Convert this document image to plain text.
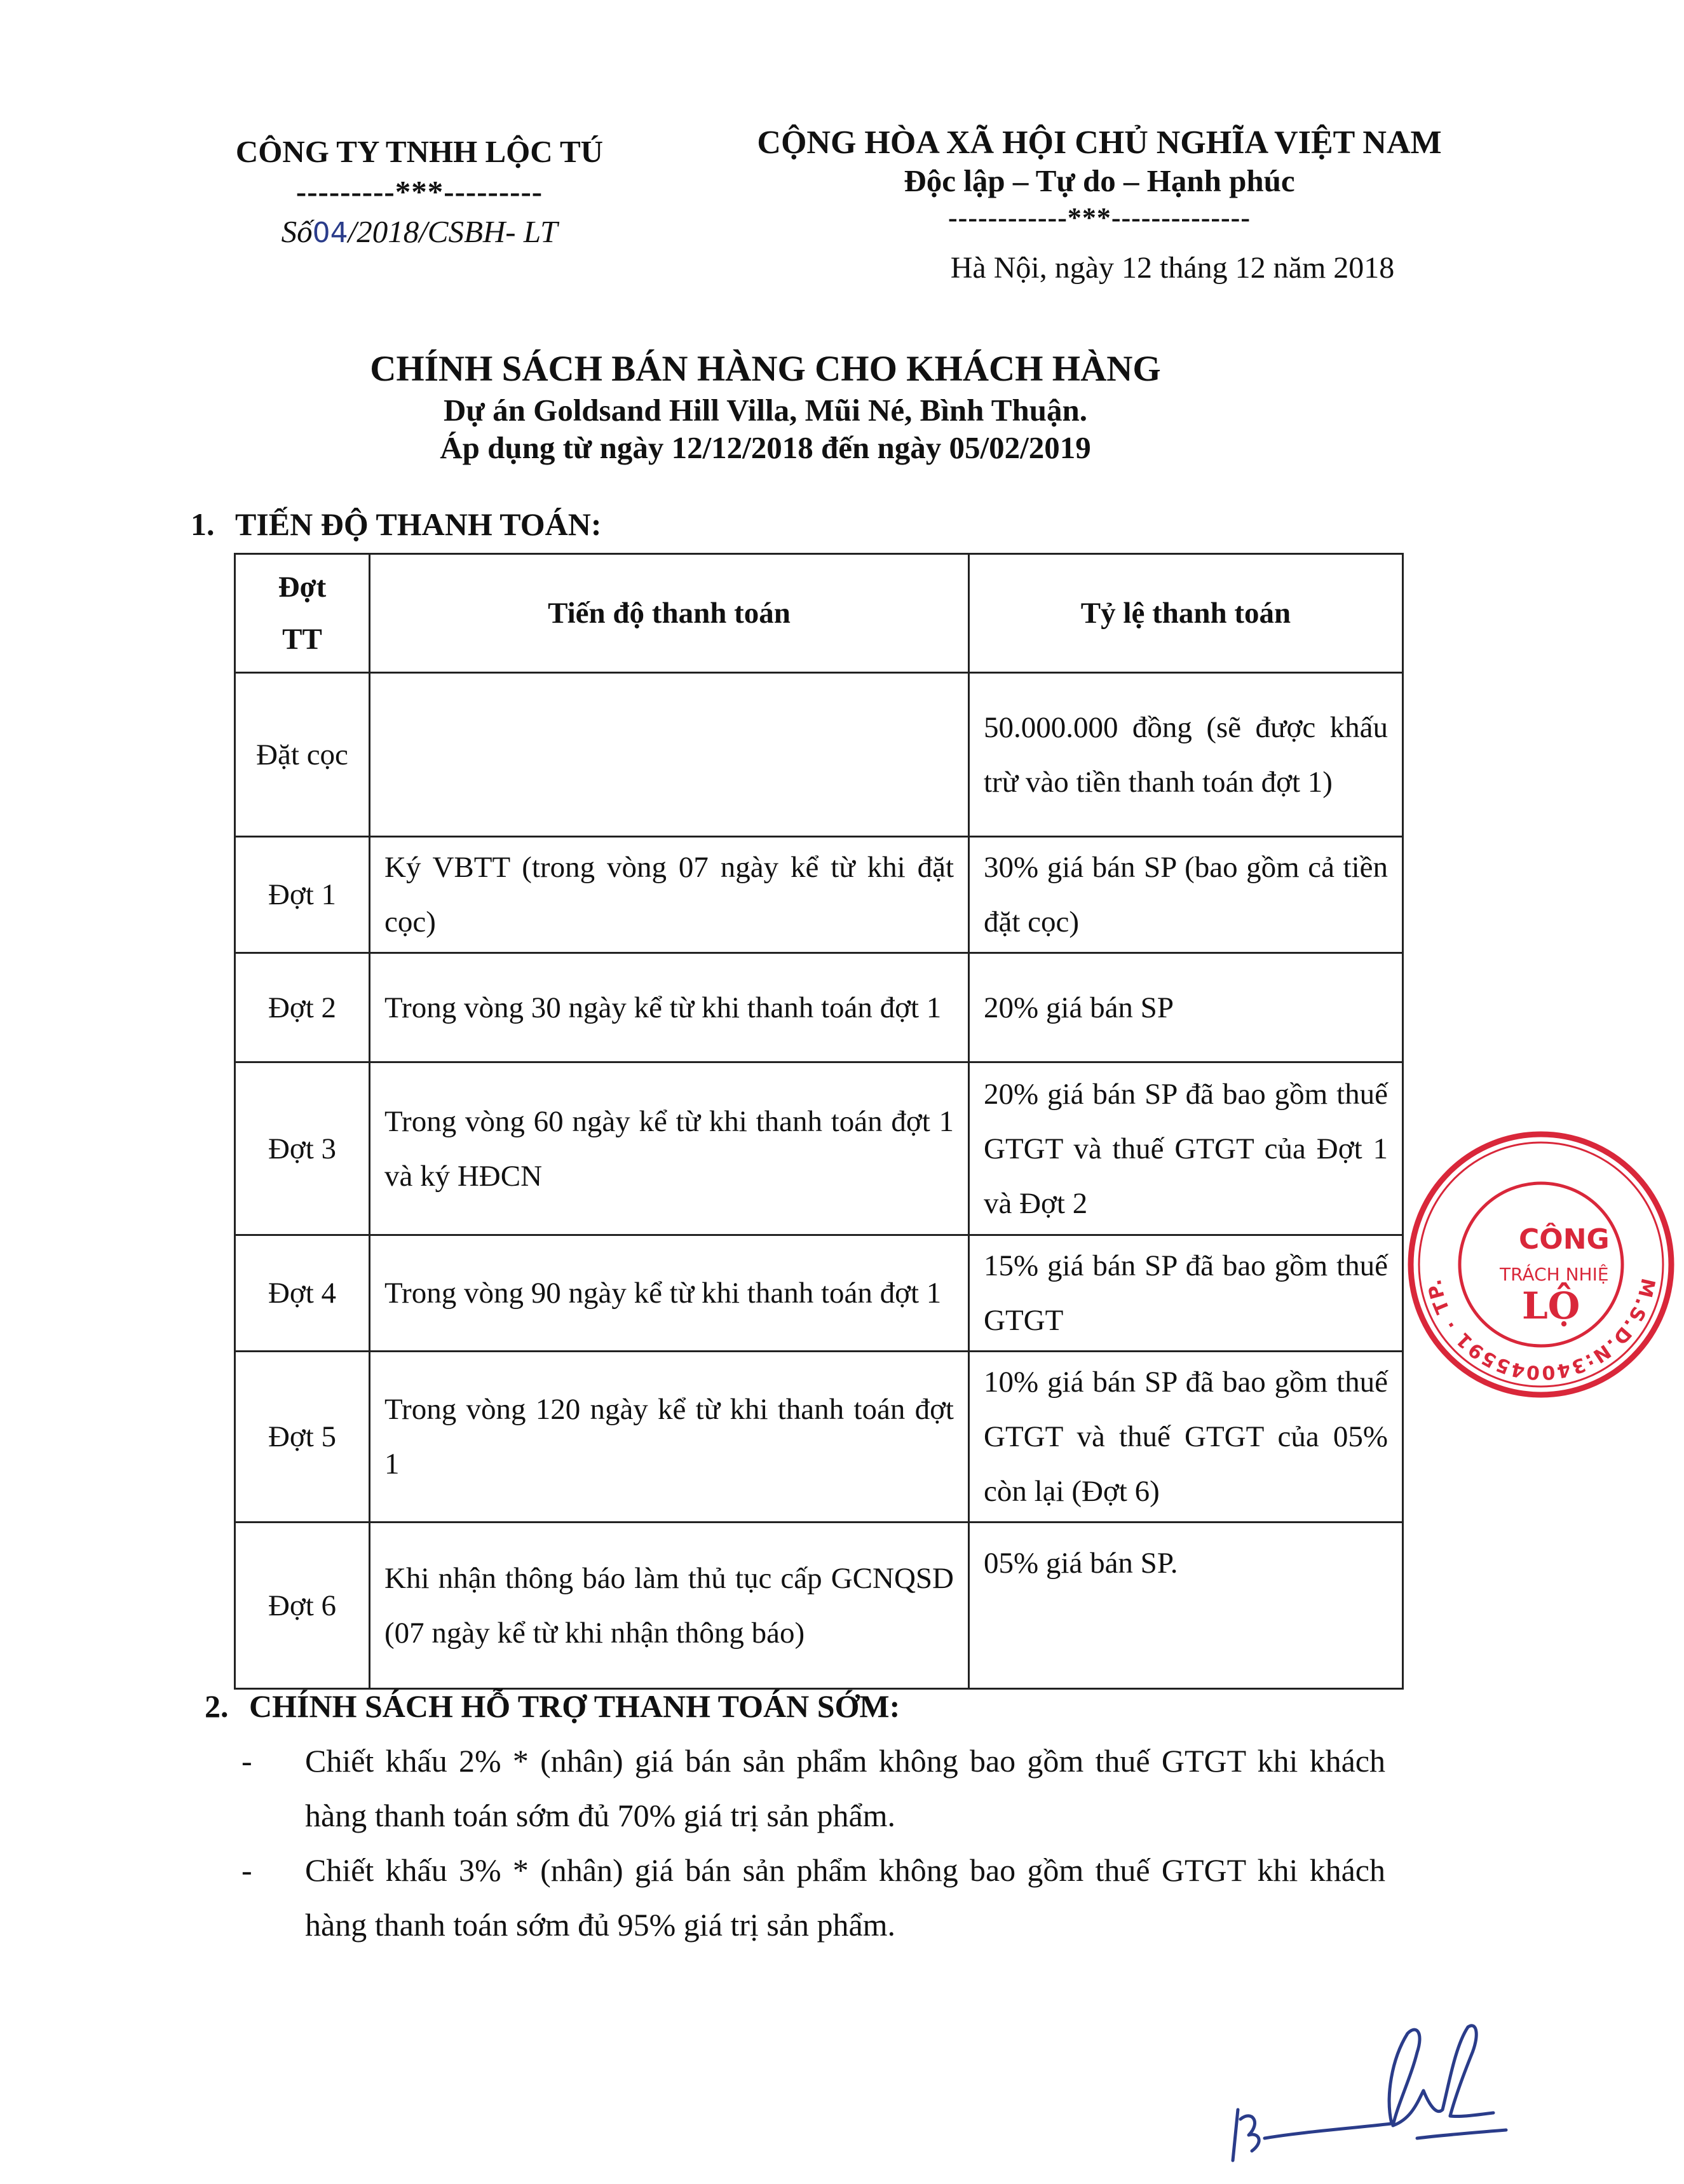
CÔNG TY TNHH LỘC TÚ
---------***---------
Số04/2018/CSBH- LT
CỘNG HÒA XÃ HỘI CHỦ NGHĨA VIỆT NAM
Độc lập – Tự do – Hạnh phúc
------------***--------------
Hà Nội, ngày 12 tháng 12 năm 2018
CHÍNH SÁCH BÁN HÀNG CHO KHÁCH HÀNG
Dự án Goldsand Hill Villa, Mũi Né, Bình Thuận.
Áp dụng từ ngày 12/12/2018 đến ngày 05/02/2019
1. TIẾN ĐỘ THANH TOÁN:
Đợt
TT	Tiến độ thanh toán	Tỷ lệ thanh toán
Đặt cọc		50.000.000 đồng (sẽ được khấu trừ vào tiền thanh toán đợt 1)
Đợt 1	Ký VBTT (trong vòng 07 ngày kể từ khi đặt cọc)	30% giá bán SP (bao gồm cả tiền đặt cọc)
Đợt 2	Trong vòng 30 ngày kể từ khi thanh toán đợt 1	20% giá bán SP
Đợt 3	Trong vòng 60 ngày kể từ khi thanh toán đợt 1 và ký HĐCN	20% giá bán SP đã bao gồm thuế GTGT và thuế GTGT của Đợt 1 và Đợt 2
Đợt 4	Trong vòng 90 ngày kể từ khi thanh toán đợt 1	15% giá bán SP đã bao gồm thuế GTGT
Đợt 5	Trong vòng 120 ngày kể từ khi thanh toán đợt 1	10% giá bán SP đã bao gồm thuế GTGT và thuế GTGT của 05% còn lại (Đợt 6)
Đợt 6	Khi nhận thông báo làm thủ tục cấp GCNQSD (07 ngày kể từ khi nhận thông báo)	05% giá bán SP.
2. CHÍNH SÁCH HỖ TRỢ THANH TOÁN SỚM:
- Chiết khấu 2% * (nhân) giá bán sản phẩm không bao gồm thuế GTGT khi khách hàng thanh toán sớm đủ 70% giá trị sản phẩm.
- Chiết khấu 3% * (nhân) giá bán sản phẩm không bao gồm thuế GTGT khi khách hàng thanh toán sớm đủ 95% giá trị sản phẩm.
M.S.D.N:340045591 · TP.
CÔNG
TRÁCH NHIỆ
LỘ
